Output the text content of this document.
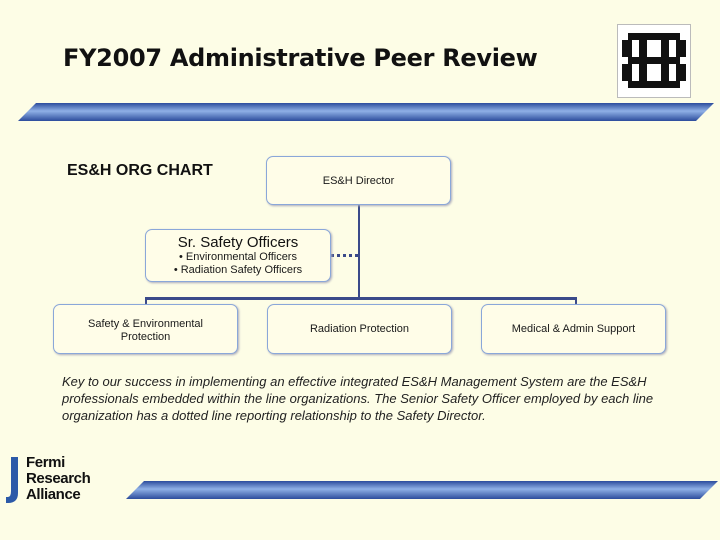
FY2007 Administrative Peer Review
ES&H ORG CHART
ES&H Director
Sr. Safety Officers
• Environmental Officers
• Radiation Safety Officers
Safety & Environmental Protection
Radiation Protection	Medical & Admin Support
Key to our success in implementing an effective integrated ES&H Management System are the ES&H professionals embedded within the line organizations. The Senior Safety Officer employed by each line organization has a dotted line reporting relationship to the Safety Director.
Fermi
Research
Alliance
